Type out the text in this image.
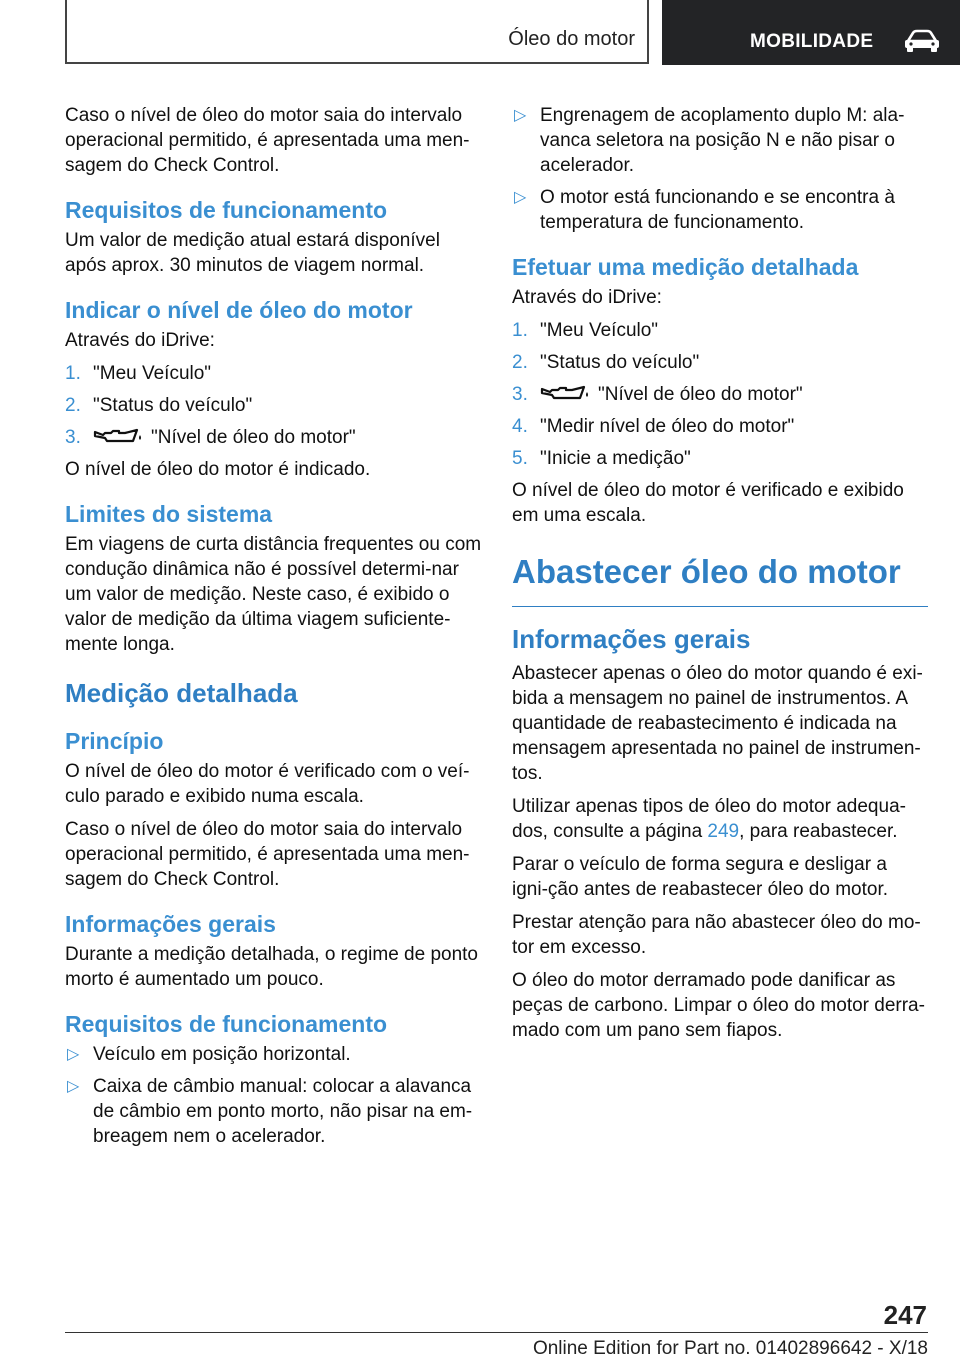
Óleo do motor	MOBILIDADE

Caso o nível de óleo do motor saia do intervalo operacional permitido, é apresentada uma men-sagem do Check Control.

Requisitos de funcionamento

Um valor de medição atual estará disponível após aprox. 30 minutos de viagem normal.

Indicar o nível de óleo do motor

Através do iDrive:

1. "Meu Veículo"
2. "Status do veículo"
3.	"Nível de óleo do motor"

O nível de óleo do motor é indicado.

Limites do sistema

Em viagens de curta distância frequentes ou com condução dinâmica não é possível determi-nar um valor de medição. Neste caso, é exibido o valor de medição da última viagem suficiente-mente longa.

Medição detalhada
Princípio

O nível de óleo do motor é verificado com o veí-culo parado e exibido numa escala.

Caso o nível de óleo do motor saia do intervalo operacional permitido, é apresentada uma men-sagem do Check Control.

Informações gerais

Durante a medição detalhada, o regime de ponto morto é aumentado um pouco.

Requisitos de funcionamento
▷ Veículo em posição horizontal.
▷ Caixa de câmbio manual: colocar a alavanca de câmbio em ponto morto, não pisar na em-breagem nem o acelerador.
▷ Engrenagem de acoplamento duplo M: ala-vanca seletora na posição N e não pisar o acelerador.
▷ O motor está funcionando e se encontra à temperatura de funcionamento.
Efetuar uma medição detalhada

Através do iDrive:

1. "Meu Veículo"
2. "Status do veículo"
3.	"Nível de óleo do motor"
4. "Medir nível de óleo do motor"
5. "Inicie a medição"

O nível de óleo do motor é verificado e exibido em uma escala.

Abastecer óleo do motor
Informações gerais

Abastecer apenas o óleo do motor quando é exi-bida a mensagem no painel de instrumentos. A quantidade de reabastecimento é indicada na mensagem apresentada no painel de instrumen-tos.

Utilizar apenas tipos de óleo do motor adequa-dos, consulte a página 249, para reabastecer.

Parar o veículo de forma segura e desligar a igni-ção antes de reabastecer óleo do motor.

Prestar atenção para não abastecer óleo do mo-tor em excesso.

O óleo do motor derramado pode danificar as peças de carbono. Limpar o óleo do motor derra-mado com um pano sem fiapos.

247
Online Edition for Part no. 01402896642 - X/18
